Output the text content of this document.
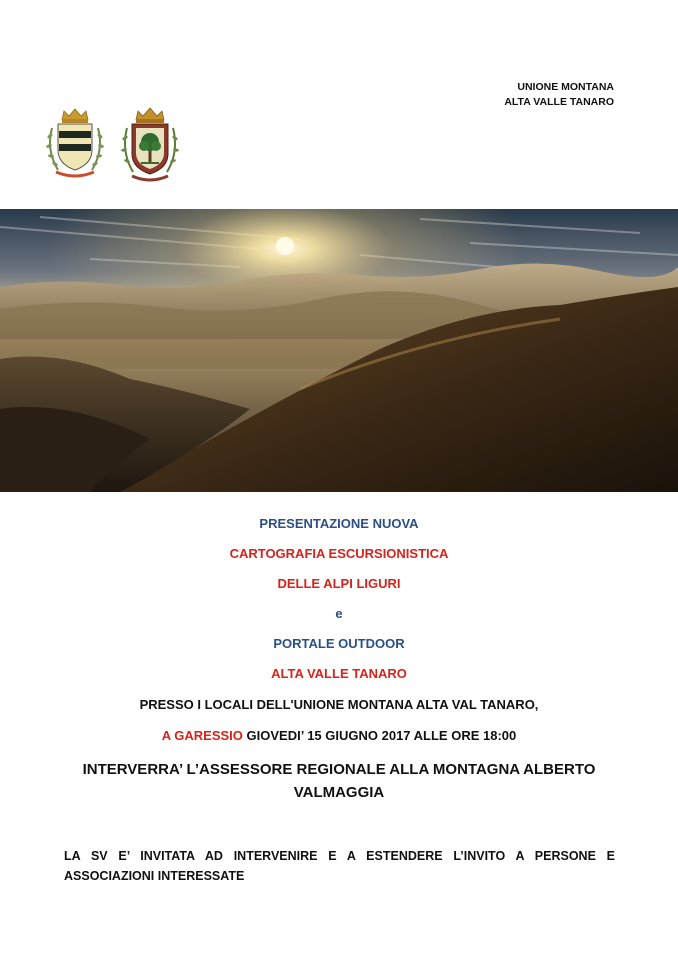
UNIONE MONTANA
ALTA VALLE TANARO
PRESENTAZIONE NUOVA
CARTOGRAFIA ESCURSIONISTICA
DELLE ALPI LIGURI
e
PORTALE OUTDOOR
ALTA VALLE TANARO
PRESSO I LOCALI DELL'UNIONE MONTANA ALTA VAL TANARO,
A GARESSIO GIOVEDI’ 15 GIUGNO 2017 ALLE ORE 18:00
INTERVERRA’ L’ASSESSORE REGIONALE ALLA MONTAGNA ALBERTO VALMAGGIA
LA SV E’ INVITATA AD INTERVENIRE E A ESTENDERE L’INVITO A PERSONE E ASSOCIAZIONI INTERESSATE
